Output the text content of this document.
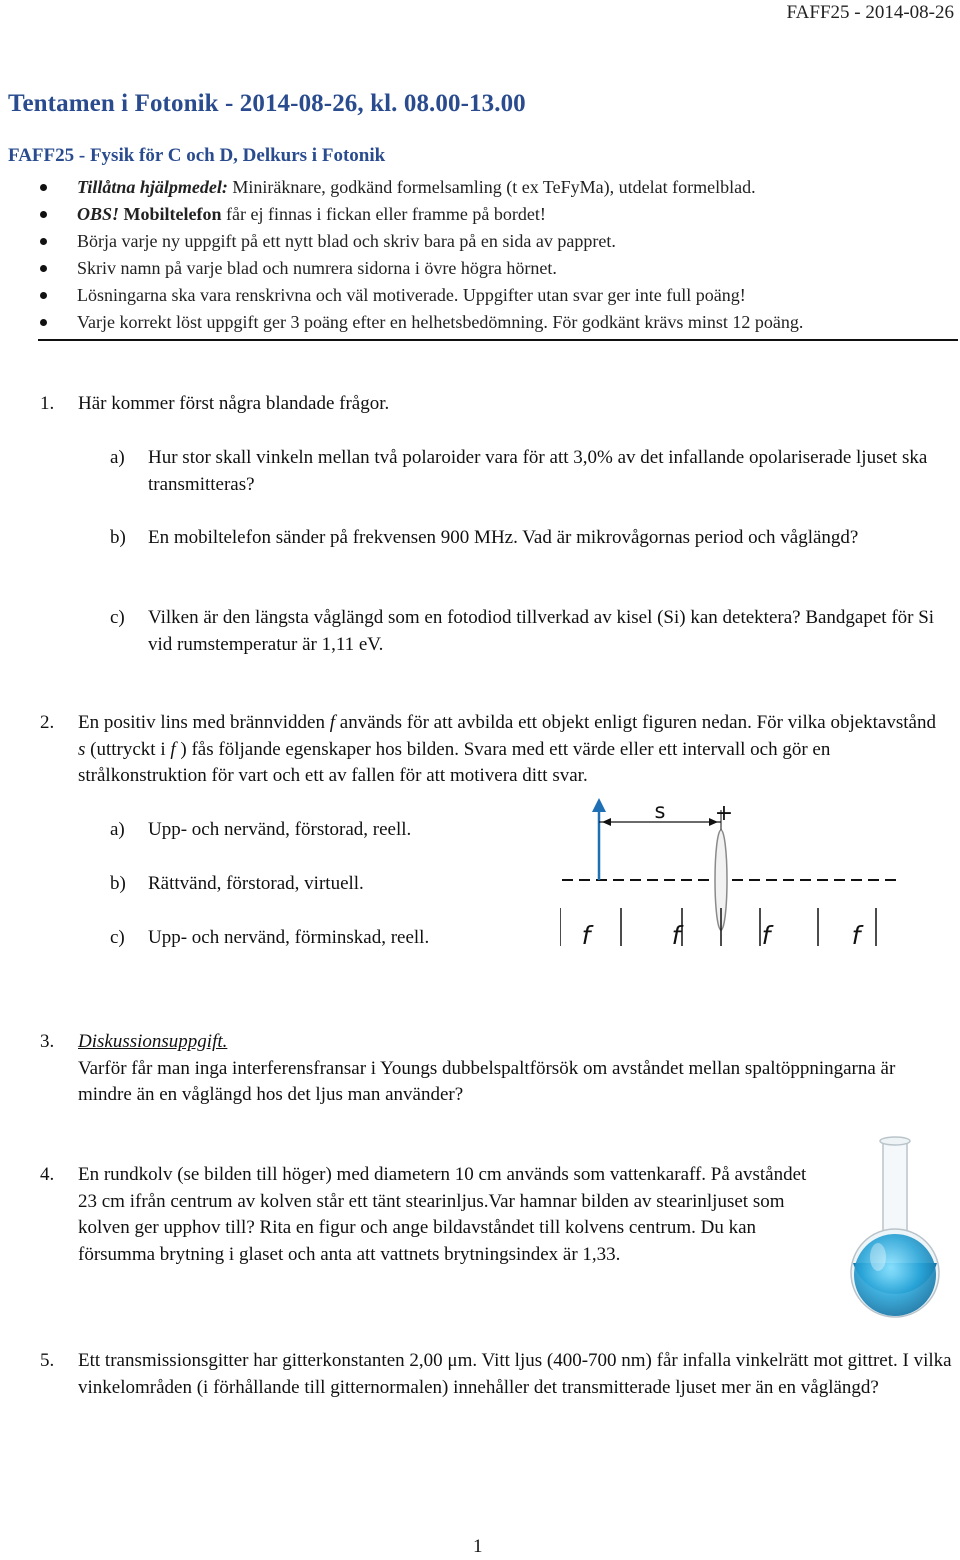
FAFF25 - 2014-08-26
Tentamen i Fotonik - 2014-08-26, kl. 08.00-13.00
FAFF25 - Fysik för C och D, Delkurs i Fotonik
Tillåtna hjälpmedel: Miniräknare, godkänd formelsamling (t ex TeFyMa), utdelat formelblad.
OBS! Mobiltelefon får ej finnas i fickan eller framme på bordet!
Börja varje ny uppgift på ett nytt blad och skriv bara på en sida av pappret.
Skriv namn på varje blad och numrera sidorna i övre högra hörnet.
Lösningarna ska vara renskrivna och väl motiverade. Uppgifter utan svar ger inte full poäng!
Varje korrekt löst uppgift ger 3 poäng efter en helhetsbedömning. För godkänt krävs minst 12 poäng.
1. Här kommer först några blandade frågor.
a) Hur stor skall vinkeln mellan två polaroider vara för att 3,0% av det infallande opolariserade ljuset ska transmitteras?
b) En mobiltelefon sänder på frekvensen 900 MHz. Vad är mikrovågornas period och våglängd?
c) Vilken är den längsta våglängd som en fotodiod tillverkad av kisel (Si) kan detektera? Bandgapet för Si vid rumstemperatur är 1,11 eV.
2. En positiv lins med brännvidden f används för att avbilda ett objekt enligt figuren nedan. För vilka objektavstånd s (uttryckt i f ) fås följande egenskaper hos bilden. Svara med ett värde eller ett intervall och gör en strålkonstruktion för vart och ett av fallen för att motivera ditt svar.
a) Upp- och nervänd, förstorad, reell.
b) Rättvänd, förstorad, virtuell.
c) Upp- och nervänd, förminskad, reell.
s +
f	f	f	f
3. Diskussionsuppgift.
Varför får man inga interferensfransar i Youngs dubbelspaltförsök om avståndet mellan spaltöppningarna är mindre än en våglängd hos det ljus man använder?
4. En rundkolv (se bilden till höger) med diametern 10 cm används som vattenkaraff. På avståndet 23 cm ifrån centrum av kolven står ett tänt stearinljus.Var hamnar bilden av stearinljuset som kolven ger upphov till? Rita en figur och ange bildavståndet till kolvens centrum. Du kan försumma brytning i glaset och anta att vattnets brytningsindex är 1,33.
5. Ett transmissionsgitter har gitterkonstanten 2,00 μm. Vitt ljus (400-700 nm) får infalla vinkelrätt mot gittret. I vilka vinkelområden (i förhållande till gitternormalen) innehåller det transmitterade ljuset mer än en våglängd?
1
